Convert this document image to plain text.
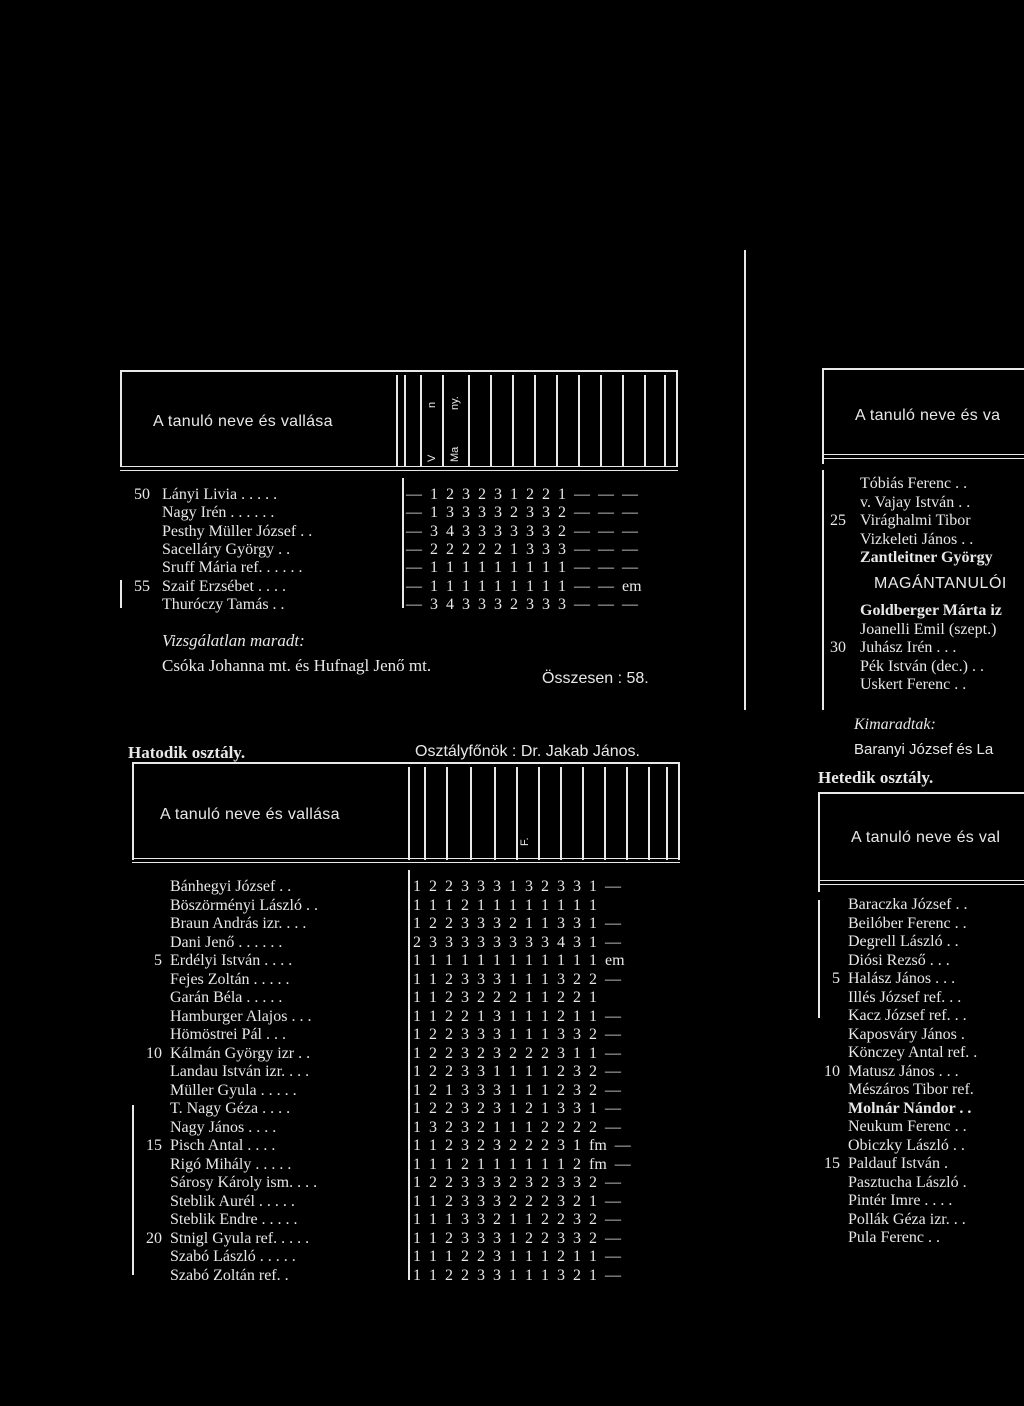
A tanuló neve és vallása
n
V
ny.
Ma
50 Lányi Livia . . . . .	— 1 2 3 2 3 1 2 2 1 — — —
Nagy Irén . . . . . .	— 1 3 3 3 3 2 3 3 2 — — —
Pesthy Müller József . .	— 3 4 3 3 3 3 3 3 2 — — —
Sacelláry György . .	— 2 2 2 2 2 1 3 3 3 — — —
Sruff Mária ref. . . . . .	— 1 1 1 1 1 1 1 1 1 — — —
55 Szaif Erzsébet . . . .	— 1 1 1 1 1 1 1 1 1 — — em
Thuróczy Tamás . .	— 3 4 3 3 3 2 3 3 3 — — —
Vizsgálatlan maradt:
Csóka Johanna mt. és Hufnagl Jenő mt.
Összesen : 58.
Hatodik osztály.	Osztályfőnök : Dr. Jakab János.
A tanuló neve és vallása
F.
Bánhegyi József . .	1 2 2 3 3 3 1 3 2 3 3 1 —
Böszörményi László . .	1 1 1 2 1 1 1 1 1 1 1 1
Braun András izr. . . .	1 2 2 3 3 3 2 1 1 3 3 1 —
Dani Jenő . . . . . .	2 3 3 3 3 3 3 3 3 4 3 1 —
5 Erdélyi István . . . .	1 1 1 1 1 1 1 1 1 1 1 1 em
Fejes Zoltán . . . . .	1 1 2 3 3 3 1 1 1 3 2 2 —
Garán Béla . . . . .	1 1 2 3 2 2 2 1 1 2 2 1
Hamburger Alajos . . .	1 1 2 2 1 3 1 1 1 2 1 1 —
Hömöstrei Pál . . .	1 2 2 3 3 3 1 1 1 3 3 2 —
10 Kálmán György izr . .	1 2 2 3 2 3 2 2 2 3 1 1 —
Landau István izr. . . .	1 2 2 3 3 1 1 1 1 2 3 2 —
Müller Gyula . . . . .	1 2 1 3 3 3 1 1 1 2 3 2 —
T. Nagy Géza . . . .	1 2 2 3 2 3 1 2 1 3 3 1 —
Nagy János . . . .	1 3 2 3 2 1 1 1 2 2 2 2 —
15 Pisch Antal . . . .	1 1 2 3 2 3 2 2 2 3 1 fm —
Rigó Mihály . . . . .	1 1 1 2 1 1 1 1 1 1 2 fm —
Sárosy Károly ism. . . .	1 2 2 3 3 3 2 3 2 3 3 2 —
Steblik Aurél . . . . .	1 1 2 3 3 3 2 2 2 3 2 1 —
Steblik Endre . . . . .	1 1 1 3 3 2 1 1 2 2 3 2 —
20 Stnigl Gyula ref. . . . .	1 1 2 3 3 3 1 2 2 3 3 2 —
Szabó László . . . . .	1 1 1 2 2 3 1 1 1 2 1 1 —
Szabó Zoltán ref. .	1 1 2 2 3 3 1 1 1 3 2 1 —
A tanuló neve és va
Tóbiás Ferenc . .
v. Vajay István . .
25 Virághalmi Tibor
Vizkeleti János . .
Zantleitner György
MAGÁNTANULÓI
Goldberger Márta iz
Joanelli Emil (szept.)
30 Juhász Irén . . .
Pék István (dec.) . .
Uskert Ferenc . .
Kimaradtak:
Baranyi József és La
Hetedik osztály.
A tanuló neve és val
Baraczka József . .
Beilóber Ferenc . .
Degrell László . .
Diósi Rezső . . .
5 Halász János . . .
Illés József ref. . .
Kacz József ref. . .
Kaposváry János .
Könczey Antal ref. .
10 Matusz János . . .
Mészáros Tibor ref.
Molnár Nándor . .
Neukum Ferenc . .
Obiczky László . .
15 Paldauf István .
Pasztucha László .
Pintér Imre . . . .
Pollák Géza izr. . .
Pula Ferenc . .
